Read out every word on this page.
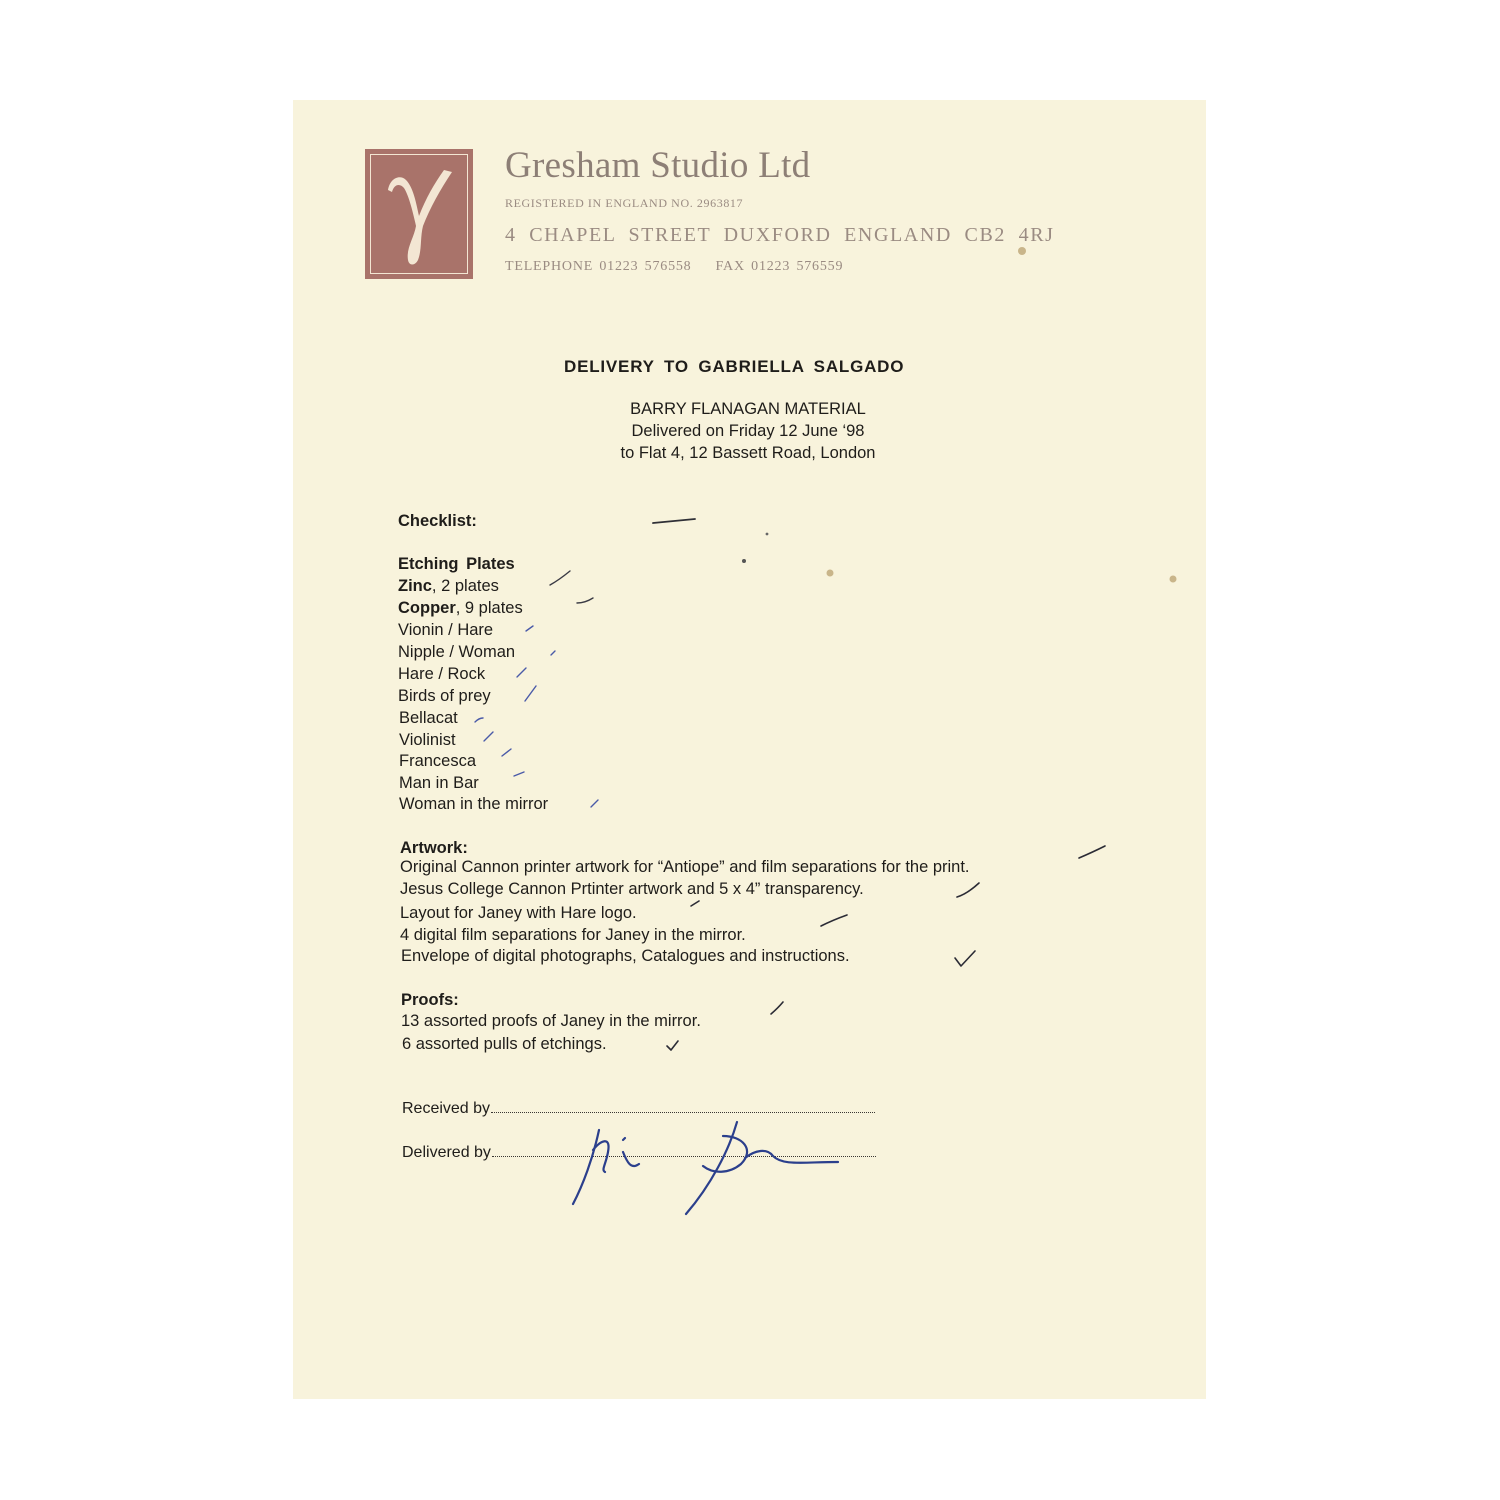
Gresham Studio Ltd
REGISTERED IN ENGLAND NO. 2963817
4 CHAPEL STREET DUXFORD ENGLAND CB2 4RJ
TELEPHONE 01223 576558 FAX 01223 576559
DELIVERY TO GABRIELLA SALGADO
BARRY FLANAGAN MATERIAL
Delivered on Friday 12 June ‘98
to Flat 4, 12 Bassett Road, London
Checklist:
Etching Plates
Zinc, 2 plates
Copper, 9 plates
Vionin / Hare
Nipple / Woman
Hare / Rock
Birds of prey
Bellacat
Violinist
Francesca
Man in Bar
Woman in the mirror
Artwork:
Original Cannon printer artwork for “Antiope” and film separations for the print.
Jesus College Cannon Prtinter artwork and 5 x 4” transparency.
Layout for Janey with Hare logo.
4 digital film separations for Janey in the mirror.
Envelope of digital photographs, Catalogues and instructions.
Proofs:
13 assorted proofs of Janey in the mirror.
6 assorted pulls of etchings.
Received by
Delivered by
